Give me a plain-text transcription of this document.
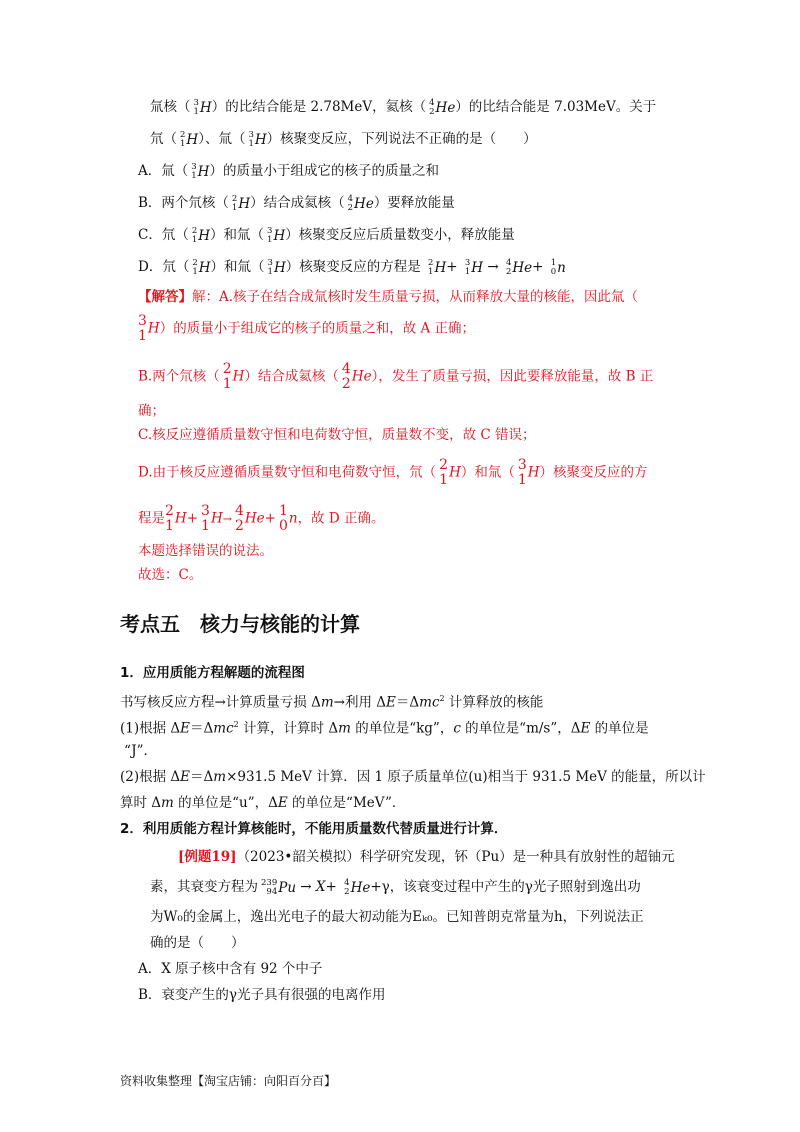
氚核（ 3
1 H）的比结合能是 2.78MeV，氦核（ 4
2 He）的比结合能是 7.03MeV。关于
氘（ 2
1 H）、氚（ 3
1 H）核聚变反应，下列说法不正确的是（　　）
A．氚（ 3
1 H）的质量小于组成它的核子的质量之和
B．两个氘核（ 2
1 H）结合成氦核（ 4
2 He）要释放能量
C．氘（ 2
1 H）和氚（ 3
1 H）核聚变反应后质量数变小，释放能量
D．氘（ 2
1 H）和氚（ 3
1 H）核聚变反应的方程是 2
1 H+ 3
1 H → 4
2 He+ 1
0 n
【解答】解：A.核子在结合成氚核时发生质量亏损，从而释放大量的核能，因此氚（
3
1 H）的质量小于组成它的核子的质量之和，故 A 正确；
B.两个氘核（ 2
1 H）结合成氦核（ 4
2 He），发生了质量亏损，因此要释放能量，故 B 正
确；
C.核反应遵循质量数守恒和电荷数守恒，质量数不变，故 C 错误；
D.由于核反应遵循质量数守恒和电荷数守恒，氘（ 2
1 H）和氚（ 3
1 H）核聚变反应的方
程是 2
1 H+ 3
1 H→ 4
2 He+ 1
0 n，故 D 正确。
本题选择错误的说法。
故选：C。
考点五　核力与核能的计算
1．应用质能方程解题的流程图
书写核反应方程→计算质量亏损 Δm→利用 ΔE＝Δmc$^2$ 计算释放的核能
(1)根据 ΔE＝Δmc$^2$ 计算，计算时 Δm 的单位是“kg”，c 的单位是“m/s”，ΔE 的单位是
“J”．
(2)根据 ΔE＝Δm×931.5 MeV 计算．因 1 原子质量单位(u)相当于 931.5 MeV 的能量，所以计
算时 Δm 的单位是“u”，ΔE 的单位是“MeV”．
2．利用质能方程计算核能时，不能用质量数代替质量进行计算．
[例题19]（2023•韶关模拟）科学研究发现，钚（Pu）是一种具有放射性的超铀元
素，其衰变方程为 239
94 Pu → X+ 4
2 He+γ，该衰变过程中产生的γ光子照射到逸出功
为W₀的金属上，逸出光电子的最大初动能为Eₖ₀。已知普朗克常量为h，下列说法正
确的是（　　）
A．X 原子核中含有 92 个中子
B．衰变产生的γ光子具有很强的电离作用
资料收集整理【淘宝店铺：向阳百分百】
